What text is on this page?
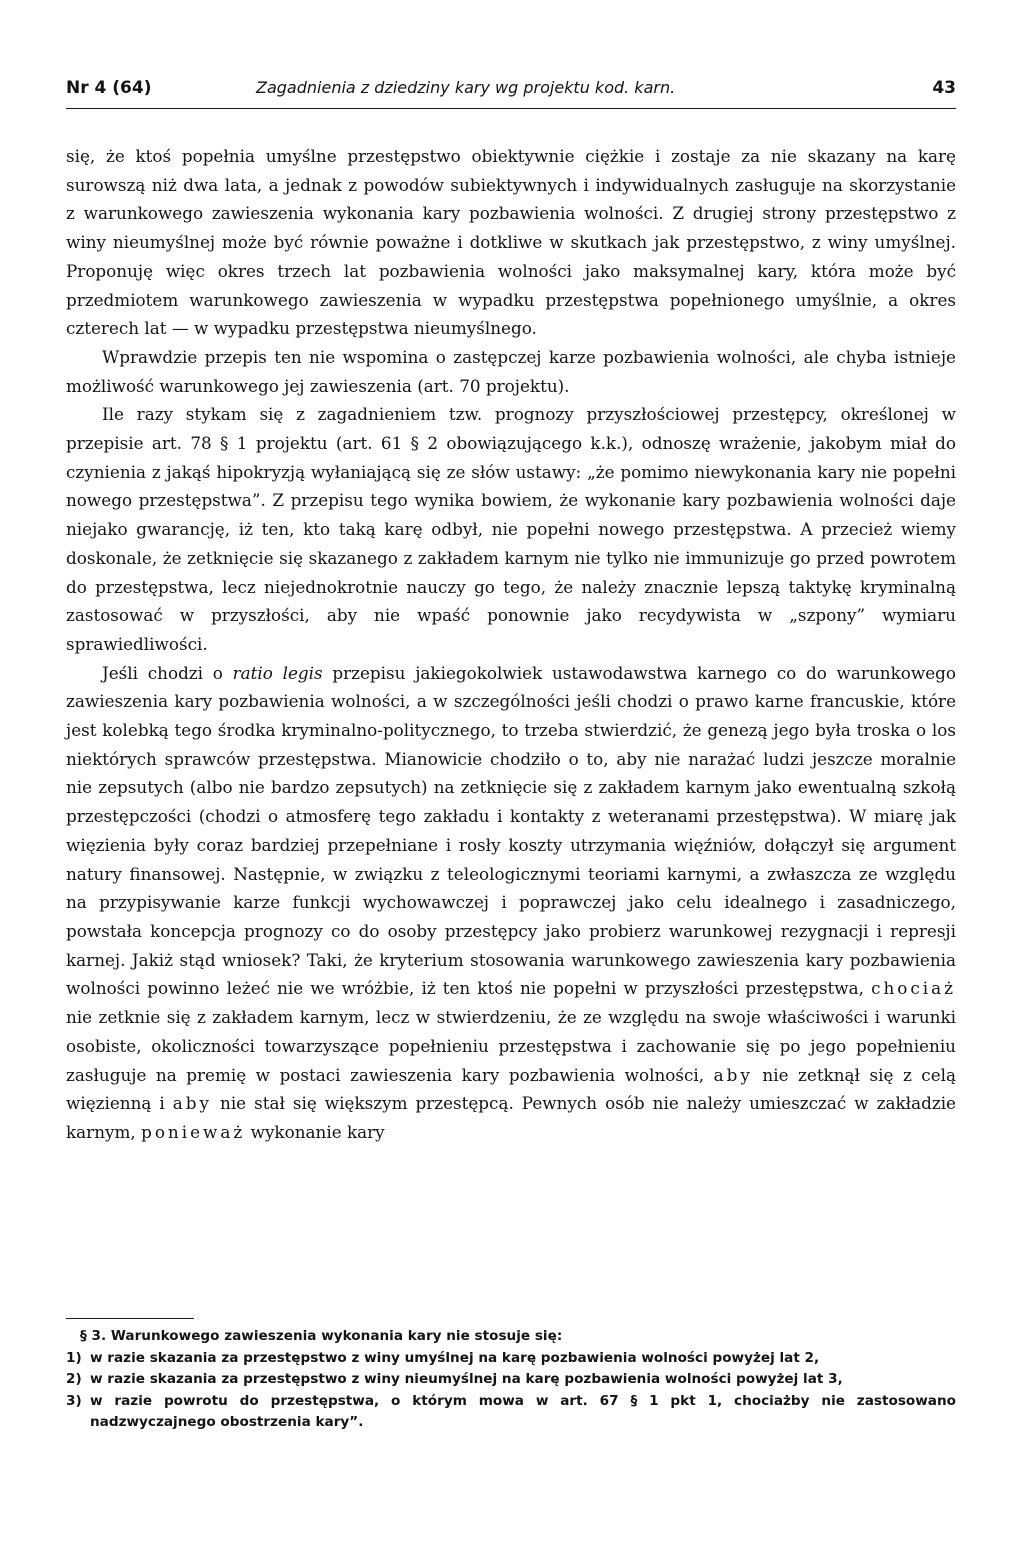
Nr 4 (64)	Zagadnienia z dziedziny kary wg projektu kod. karn.	43

się, że ktoś popełnia umyślne przestępstwo obiektywnie ciężkie i zostaje za nie skazany na karę surowszą niż dwa lata, a jednak z powodów subiektywnych i indywidualnych zasługuje na skorzystanie z warunkowego zawieszenia wykonania kary pozbawienia wolności. Z drugiej strony przestępstwo z winy nieumyślnej może być równie poważne i dotkliwe w skutkach jak przestępstwo, z winy umyślnej. Proponuję więc okres trzech lat pozbawienia wolności jako maksymalnej kary, która może być przedmiotem warunkowego zawieszenia w wypadku przestępstwa popełnionego umyślnie, a okres czterech lat — w wypadku przestępstwa nieumyślnego.

Wprawdzie przepis ten nie wspomina o zastępczej karze pozbawienia wolności, ale chyba istnieje możliwość warunkowego jej zawieszenia (art. 70 projektu).

Ile razy stykam się z zagadnieniem tzw. prognozy przyszłościowej przestępcy, określonej w przepisie art. 78 § 1 projektu (art. 61 § 2 obowiązującego k.k.), odnoszę wrażenie, jakobym miał do czynienia z jakąś hipokryzją wyłaniającą się ze słów ustawy: „że pomimo niewykonania kary nie popełni nowego przestępstwa”. Z przepisu tego wynika bowiem, że wykonanie kary pozbawienia wolności daje niejako gwarancję, iż ten, kto taką karę odbył, nie popełni nowego przestępstwa. A przecież wiemy doskonale, że zetknięcie się skazanego z zakładem karnym nie tylko nie immunizuje go przed powrotem do przestępstwa, lecz niejednokrotnie nauczy go tego, że należy znacznie lepszą taktykę kryminalną zastosować w przyszłości, aby nie wpaść ponownie jako recydywista w „szpony” wymiaru sprawiedliwości.

Jeśli chodzi o ratio legis przepisu jakiegokolwiek ustawodawstwa karnego co do warunkowego zawieszenia kary pozbawienia wolności, a w szczególności jeśli chodzi o prawo karne francuskie, które jest kolebką tego środka kryminalno-politycznego, to trzeba stwierdzić, że genezą jego była troska o los niektórych sprawców przestępstwa. Mianowicie chodziło o to, aby nie narażać ludzi jeszcze moralnie nie zepsutych (albo nie bardzo zepsutych) na zetknięcie się z zakładem karnym jako ewentualną szkołą przestępczości (chodzi o atmosferę tego zakładu i kontakty z weteranami przestępstwa). W miarę jak więzienia były coraz bardziej przepełniane i rosły koszty utrzymania więźniów, dołączył się argument natury finansowej. Następnie, w związku z teleologicznymi teoriami karnymi, a zwłaszcza ze względu na przypisywanie karze funkcji wychowawczej i poprawczej jako celu idealnego i zasadniczego, powstała koncepcja prognozy co do osoby przestępcy jako probierz warunkowej rezygnacji i represji karnej. Jakiż stąd wniosek? Taki, że kryterium stosowania warunkowego zawieszenia kary pozbawienia wolności powinno leżeć nie we wróżbie, iż ten ktoś nie popełni w przyszłości przestępstwa, chociaż nie zetknie się z zakładem karnym, lecz w stwierdzeniu, że ze względu na swoje właściwości i warunki osobiste, okoliczności towarzyszące popełnieniu przestępstwa i zachowanie się po jego popełnieniu zasługuje na premię w postaci zawieszenia kary pozbawienia wolności, aby nie zetknął się z celą więzienną i aby nie stał się większym przestępcą. Pewnych osób nie należy umieszczać w zakładzie karnym, ponieważ wykonanie kary

§ 3. Warunkowego zawieszenia wykonania kary nie stosuje się:

1) w razie skazania za przestępstwo z winy umyślnej na karę pozbawienia wolności powyżej lat 2,
2) w razie skazania za przestępstwo z winy nieumyślnej na karę pozbawienia wolności powyżej lat 3,
3) w razie powrotu do przestępstwa, o którym mowa w art. 67 § 1 pkt 1, chociażby nie zastosowano nadzwyczajnego obostrzenia kary”.
